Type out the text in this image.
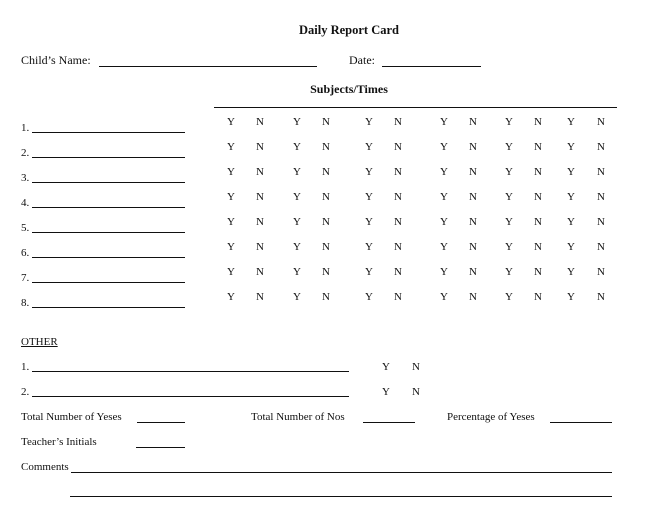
Daily Report Card
Child’s Name:	Date:
Subjects/Times
1.	Y N	Y N	Y N	Y N	Y N Y N
2.	Y N	Y N	Y N	Y N	Y N Y N
3.	Y N	Y N	Y N	Y N	Y N Y N
4.	Y N	Y N	Y N	Y N	Y N Y N
5.	Y N	Y N	Y N	Y N	Y N Y N
6.	Y N	Y N	Y N	Y N	Y N Y N
7.	Y N	Y N	Y N	Y N	Y N Y N
8.	Y N	Y N	Y N	Y N	Y N Y N
OTHER
1.	Y N
2.	Y N
Total Number of Yeses	Total Number of Nos	Percentage of Yeses
Teacher’s Initials
Comments
